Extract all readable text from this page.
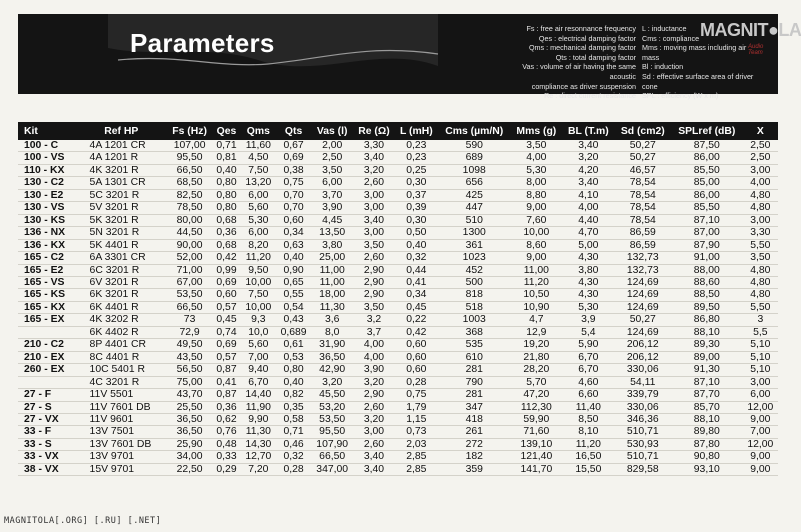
Parameters	Fs : free air resonnance frequency
Qes : electrical damping factor
Qms : mechanical damping factor
Qts : total damping factor
Vas : volume of air having the same
acoustic
compliance as driver suspension
Re : direct current resistance
L : inductance
Cms : compliance
Mms : moving mass including air
mass
Bl : induction
Sd : effective surface area of driver
cone
SPL : efficiency (W x m)
MAGNIT●LA
Audio Team
Kit	Ref HP	Fs (Hz)	Qes	Qms	Qts	Vas (l)	Re (Ω)	L (mH)	Cms (µm/N)	Mms (g)	BL (T.m)	Sd (cm2)	SPLref (dB)	X
100 - C	4A 1201 CR	107,00	0,71	11,60	0,67	2,00	3,30	0,23	590	3,50	3,40	50,27	87,50	2,50
100 - VS	4A 1201 R	95,50	0,81	4,50	0,69	2,50	3,40	0,23	689	4,00	3,20	50,27	86,00	2,50
110 - KX	4K 3201 R	66,50	0,40	7,50	0,38	3,50	3,20	0,25	1098	5,30	4,20	46,57	85,50	3,00
130 - C2	5A 1301 CR	68,50	0,80	13,20	0,75	6,00	2,60	0,30	656	8,00	3,40	78,54	85,00	4,00
130 - E2	5C 3201 R	82,50	0,80	6,00	0,70	3,70	3,00	0,37	425	8,80	4,10	78,54	86,00	4,80
130 - VS	5V 3201 R	78,50	0,80	5,60	0,70	3,90	3,00	0,39	447	9,00	4,00	78,54	85,50	4,80
130 - KS	5K 3201 R	80,00	0,68	5,30	0,60	4,45	3,40	0,30	510	7,60	4,40	78,54	87,10	3,00
136 - NX	5N 3201 R	44,50	0,36	6,00	0,34	13,50	3,00	0,50	1300	10,00	4,70	86,59	87,00	3,30
136 - KX	5K 4401 R	90,00	0,68	8,20	0,63	3,80	3,50	0,40	361	8,60	5,00	86,59	87,90	5,50
165 - C2	6A 3301 CR	52,00	0,42	11,20	0,40	25,00	2,60	0,32	1023	9,00	4,30	132,73	91,00	3,50
165 - E2	6C 3201 R	71,00	0,99	9,50	0,90	11,00	2,90	0,44	452	11,00	3,80	132,73	88,00	4,80
165 - VS	6V 3201 R	67,00	0,69	10,00	0,65	11,00	2,90	0,41	500	11,20	4,30	124,69	88,60	4,80
165 - KS	6K 3201 R	53,50	0,60	7,50	0,55	18,00	2,90	0,34	818	10,50	4,30	124,69	88,50	4,80
165 - KX	6K 4401 R	66,50	0,57	10,00	0,54	11,30	3,50	0,45	518	10,90	5,30	124,69	89,50	5,50
165 - EX	4K 3202 R	73	0,45	9,3	0,43	3,6	3,2	0,22	1003	4,7	3,9	50,27	86,80	3
	6K 4402 R	72,9	0,74	10,0	0,689	8,0	3,7	0,42	368	12,9	5,4	124,69	88,10	5,5
210 - C2	8P 4401 CR	49,50	0,69	5,60	0,61	31,90	4,00	0,60	535	19,20	5,90	206,12	89,30	5,10
210 - EX	8C 4401 R	43,50	0,57	7,00	0,53	36,50	4,00	0,60	610	21,80	6,70	206,12	89,00	5,10
260 - EX	10C 5401 R	56,50	0,87	9,40	0,80	42,90	3,90	0,60	281	28,20	6,70	330,06	91,30	5,10
	4C 3201 R	75,00	0,41	6,70	0,40	3,20	3,20	0,28	790	5,70	4,60	54,11	87,10	3,00
27 - F	11V 5501	43,70	0,87	14,40	0,82	45,50	2,90	0,75	281	47,20	6,60	339,79	87,70	6,00
27 - S	11V 7601 DB	25,50	0,36	11,90	0,35	53,20	2,60	1,79	347	112,30	11,40	330,06	85,70	12,00
27 - VX	11V 9601	36,50	0,62	9,90	0,58	53,50	3,20	1,15	418	59,90	8,50	346,36	88,10	9,00
33 - F	13V 7501	36,50	0,76	11,30	0,71	95,50	3,00	0,73	261	71,60	8,10	510,71	89,80	7,00
33 - S	13V 7601 DB	25,90	0,48	14,30	0,46	107,90	2,60	2,03	272	139,10	11,20	530,93	87,80	12,00
33 - VX	13V 9701	34,00	0,33	12,70	0,32	66,50	3,40	2,85	182	121,40	16,50	510,71	90,80	9,00
38 - VX	15V 9701	22,50	0,29	7,20	0,28	347,00	3,40	2,85	359	141,70	15,50	829,58	93,10	9,00
MAGNITOLA[.ORG] [.RU] [.NET]
